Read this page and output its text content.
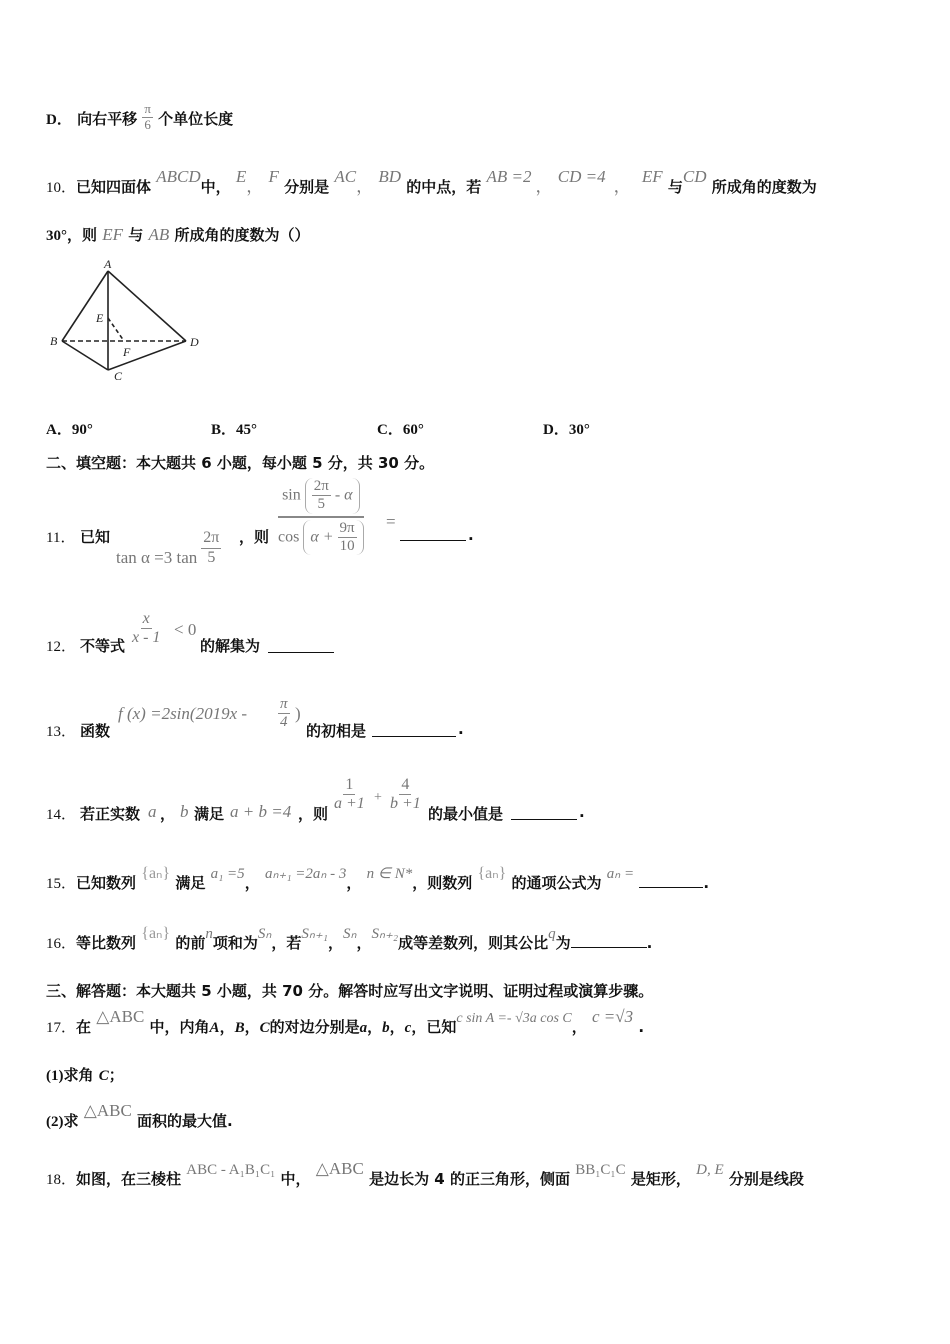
D． 向右平移 $\frac{\pi}{6}$ 个单位长度
10．已知四面体 ABCD中， E， F 分别是 AC， BD 的中点，若 AB =2， CD =4， EF 与CD 所成角的度数为
30°，则 EF 与 AB 所成角的度数为（）
A
B
C
D
E
F
A．90°	B．45°	C．60°	D．30°
二、填空题：本大题共 6 小题，每小题 5 分，共 30 分。
11． 已知
tan α =3 $\tan \frac{2\pi}{5}$ ，则
$\sin \frac{2\pi}{5}$ - α
$\cos \alpha + \frac{9\pi}{10}$ =
.
12． 不等式 $\frac{x}{x - 1} < 0$
的解集为
13． 函数
f $(x) =2\sin(2019x - \frac{\pi}{4}$ )
的初相是	.
14． 若正实数 a ， b 满足 a + b =4 ，则
$\frac{1}{a +1} + \frac{4}{b +1}$
的最小值是	.
15．已知数列 {aₙ} 满足 a₁ =5， aₙ₊₁ =2aₙ - 3， n ∈ N*，则数列 {aₙ} 的通项公式为 aₙ =	.
16．等比数列 {aₙ} 的前n项和为Sₙ，若Sₙ₊₁，Sₙ，Sₙ₊₂成等差数列，则其公比q为	.
三、解答题：本大题共 5 小题，共 70 分。解答时应写出文字说明、证明过程或演算步骤。
17．在 △ABC 中，内角A，B，C的对边分别是a，b，c，已知c sin A =- √3a cos C， c =√3 .
(1)求角 C；
(2)求 △ABC 面积的最大值.
18．如图，在三棱柱 ABC - A₁B₁C₁ 中， △ABC 是边长为 4 的正三角形，侧面 BB₁C₁C 是矩形， D, E 分别是线段
